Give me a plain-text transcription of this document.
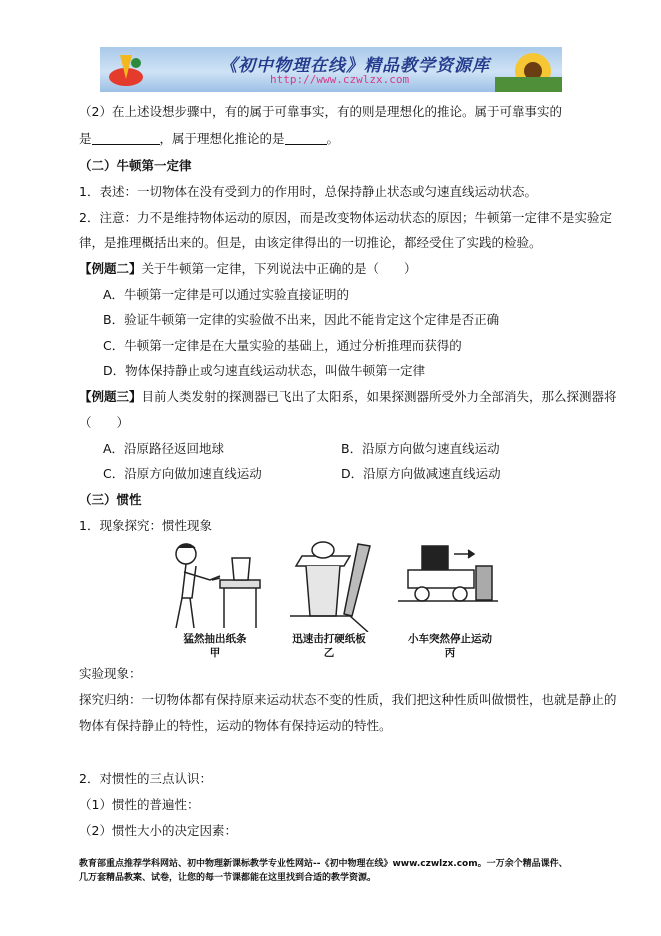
《初中物理在线》精品教学资源库
http://www.czwlzx.com
（2）在上述设想步骤中，有的属于可靠事实，有的则是理想化的推论。属于可靠事实的
是	，属于理想化推论的是	。
（二）牛顿第一定律
1．表述：一切物体在没有受到力的作用时，总保持静止状态或匀速直线运动状态。
2．注意：力不是维持物体运动的原因，而是改变物体运动状态的原因；牛顿第一定律不是实验定
律，是推理概括出来的。但是，由该定律得出的一切推论，都经受住了实践的检验。
【例题二】关于牛顿第一定律，下列说法中正确的是（　　）
A．牛顿第一定律是可以通过实验直接证明的
B．验证牛顿第一定律的实验做不出来，因此不能肯定这个定律是否正确
C．牛顿第一定律是在大量实验的基础上，通过分析推理而获得的
D．物体保持静止或匀速直线运动状态，叫做牛顿第一定律
【例题三】目前人类发射的探测器已飞出了太阳系，如果探测器所受外力全部消失，那么探测器将
（　　）
A．沿原路径返回地球	B．沿原方向做匀速直线运动
C．沿原方向做加速直线运动	D．沿原方向做减速直线运动
（三）惯性
1．现象探究：惯性现象
猛然抽出纸条
甲
迅速击打硬纸板
乙
小车突然停止运动
丙
实验现象：
探究归纳：一切物体都有保持原来运动状态不变的性质，我们把这种性质叫做惯性，也就是静止的
物体有保持静止的特性，运动的物体有保持运动的特性。
2．对惯性的三点认识：
（1）惯性的普遍性：
（2）惯性大小的决定因素：
教育部重点推荐学科网站、初中物理新课标教学专业性网站--《初中物理在线》www.czwlzx.com。一万余个精品课件、
几万套精品教案、试卷，让您的每一节课都能在这里找到合适的教学资源。
